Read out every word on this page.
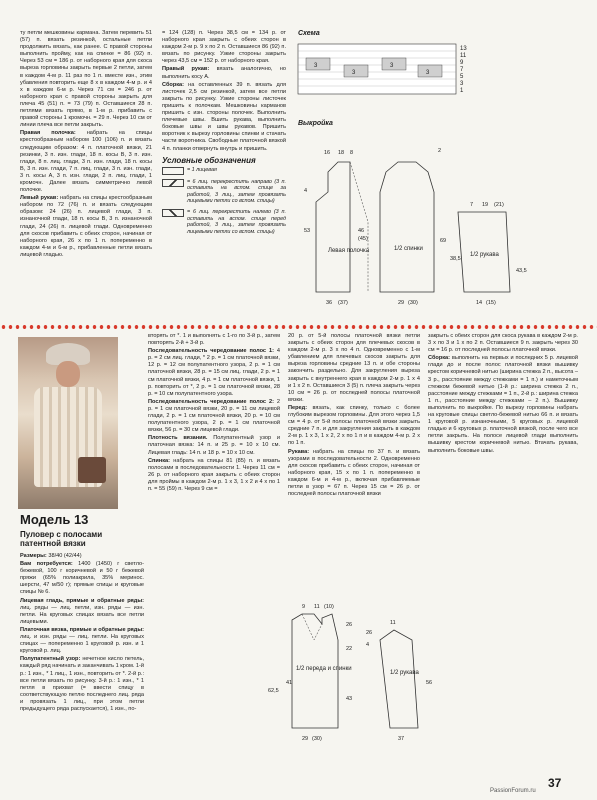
ту петли мешковины кармана. Затем перевить 51 (57) п. вязать резинкой, остальные петли продолжить вязать, как ранее. С правой стороны выполнить пройму, как на спинке = 86 (92) п. Через 53 см = 186 р. от наборного края для скоса выреза горловины закрыть первые 2 петли, затем в каждом 4-м р. 11 раз по 1 п. вместе изн., этим убавления повторить еще 8 х в каждом 4-м р. и 4 х в каждом 6-м р. Через 71 см = 246 р. от наборного края с правой стороны закрыть для плеча 45 (51) п. = 73 (79) п. Оставшиеся 28 п. петлями вязать прямо, в 1-м р. прибавить с правой стороны 1 кромочн. = 29 п. Через 10 см от линии плеча все петли закрыть.

Правая полочка: набрать на спицы крестообразным набором 100 (106) п. и вязать следующим образом: 4 п. платочной вязки, 21 резинки, 3 п. изн. глади, 18 п. косы B, 3 п. изн. глади, 8 п. лиц. глади, 3 п. изн. глади, 18 п. косы B, 3 п. изн. глади, 7 п. лиц. глади, 3 п. изн. глади, 3 п. косы A, 3 п. изн. глади, 2 п. лиц. глади, 1 кромочн. Далее вязать симметрично левой полочке.

Левый рукав: набрать на спицы крестообразным набором по 72 (76) п. и вязать следующим образом: 24 (26) п. лицевой глади, 3 п. изнаночной глади, 18 п. косы B, 3 п. изнаночной глади, 24 (26) п. лицевой глади. Одновременно для скосов прибавить с обеих сторон, начиная от наборного края, 26 х по 1 п. попеременно в каждом 4-м и 6-м р., прибавленные петли вязать лицевой гладью.

= 124 (128) п. Через 38,5 см = 134 р. от наборного края закрыть с обеих сторон в каждом 2-м р. 9 х по 2 п. Оставшиеся 86 (92) п. вязать по рисунку. Узкие стороны закрыть через 43,5 см = 152 р. от наборного края.

Правый рукав: вязать аналогично, но выполнить косу A.

Сборка: на оставленных 39 п. вязать для листочек 2,5 см резинкой, затем все петли закрыть по рисунку. Узкие стороны листочек пришить к полочкам. Мешковины карманов пришить с изн. стороны полочек. Выполнить плечевые швы. Вшить рукава, выполнить боковые швы и швы рукавов. Пришить воротник к вырезу горловины спинки и стачать части воротника. Свободные платочной вязкой 4 п. планки отвернуть внутрь и пришить.

Условные обозначения
= 1 лицевая
= 6 лиц. перекрестить направо (3 п. оставить на вспом. спице за работой, 3 лиц., затем провязать лицевыми петли со вспом. спицы)
= 6 лиц. перекрестить налево (3 п. оставить на вспом. спице перед работой, 3 лиц., затем провязать лицевыми петли со вспом. спицы)
Схема
3
3
3
3
13
11
9
7
5
3
1
Выкройка
Левая полочка	1/2 спинки
1/2 рукава
16 18 8	2
4
53	46
(45)
36 (37)	29 (30)
69
7 19 (21)
38,5
43,5
14 (15)
Модель 13
Пуловер с полосами патентной вязки

Размеры: 38/40 (42/44)

Вам потребуется: 1400 (1450) г светло-бежевой, 100 г коричневой и 50 г бежевой пряжи (65% полиакрила, 35% меринос. шерсти, 47 м/50 г); прямые спицы и круговые спицы № 6.

Лицевая гладь, прямые и обратные ряды: лиц. ряды — лиц. петли, изн. ряды — изн. петли. На круговых спицах вязать все петли лицевыми.

Платочная вязка, прямые и обратные ряды: лиц. и изн. ряды — лиц. петли. На круговых спицах — попеременно 1 круговой р. изн. и 1 круговой р. лиц.

Полупатентный узор: нечетное кисло петель, каждый ряд начинать и заканчивать 1 кром. 1-й р.: 1 изн., * 1 лиц., 1 изн., повторить от *. 2-й р.: все петли вязать по рисунку. 3-й р.: 1 изн., * 1 петля в прихват (= ввести спицу в соответствующую петлю последнего лиц. ряда и провязать 1 лиц., при этом петли предыдущего ряда распускается), 1 изн., по-

вторять от *. 1 и выполнять с 1-го по 3-й р., затем повторять 2-й + 3-й р.

Последовательность чередование полос 1: 4 р. = 2 см лиц. глади, * 2 р. = 1 см платочной вязки, 12 р. = 12 см полупатентного узора, 2 р. = 1 см платочной вязки, 28 р. = 15 см лиц. глади, 2 р. = 1 см платочной вязки, 4 р. = 1 см платочной вязки, 1 р. повторить от *, 2 р. = 1 см платочной вязки, 28 р. = 10 см полупатентного узора.

Последовательность чередование полос 2: 2 р. = 1 см платочной вязки, 20 р. = 11 см лицевой глади, 2 р. = 1 см платочной вязки, 20 р. = 10 см полупатентного узора, 2 р. = 1 см платочной вязки, 56 р. = 30 см лицевой глади.

Плотность вязания. Полупатентный узор и платочная вязка: 14 п. и 25 р. = 10 х 10 см. Лицевая гладь: 14 п. и 18 р. = 10 х 10 см.

Спинка: набрать на спицы 81 (85) п. и вязать полосами в последовательности 1. Через 11 см = 26 р. от наборного края закрыть с обеих сторон для проймы в каждом 2-м р. 1 х 3, 1 х 2 и 4 х по 1 п. = 55 (59) п. Через 9 см =

20 р. от 5-й полосы платочной вязки петли закрыть с обеих сторон для плечевых скосов в каждом 2-м р. 3 х по 4 п. Одновременно с 1-м убавлением для плечевых скосов закрыть для выреза горловины средние 13 п. и обе стороны закончить раздельно. Для закругления выреза закрыть с внутреннего края в каждом 2-м р. 1 х 4 и 1 х 2 п. Оставшиеся 3 (5) п. плеча закрыть через 10 см = 26 р. от последней полосы платочной вязки.

Перед: вязать, как спинку, только с более глубоким вырезом горловины. Для этого через 1,5 см = 4 р. от 5-й полосы платочной вязки закрыть средние 7 п. и для закругления закрыть в каждом 2-м р. 1 х 3, 1 х 2, 2 х по 1 п и в каждом 4-м р. 2 х по 1 п.

Рукава: набрать на спицы по 37 п. и вязать узорами в последовательности 2. Одновременно для скосов прибавить с обеих сторон, начиная от наборного края, 15 х по 1 п. попеременно в каждом 6-м и 4-м р., включая прибавляемые петли в узор = 67 п. Через 15 см = 26 р. от последней полосы платочной вязки

закрыть с обеих сторон для скоса рукава в каждом 2-м р. 3 х по 3 и 1 х по 2 п. Оставшиеся 9 п. закрыть через 30 см = 16 р. от последней полосы платочной вязки.

Сборка: выполнить на первых и последних 5 р. лицевой глади до и после полос платочной вязки вышивку крестом коричневой нитью (ширина стежка 2 п., высота – 3 р., расстояние между стежками = 1 п.) и наметочным стежком бежевой нитью (1-й р.: ширина стежка 2 п., расстояние между стежками = 1 п., 2-й р.: ширина стежка 1 п., расстояние между стежками – 2 п.). Вышивку выполнить по выкройке. По вырезу горловины набрать на круговые спицы светло-бежевой нитью 66 п. и вязать 1 круговой р. изнаночными, 5 круговых р. лицевой гладью и 6 круговых р. платочной вязкой, после чего все петли закрыть. На полосе лицевой глади выполнить вышивку крестом коричневой нитью. Втачать рукава, выполнить боковые швы.

1/2 переда и спинки
1/2 рукава
9 11 (10)
26
22
62,5
43
41
29 (30)
4
11
26
56
37
37
PassionForum.ru
